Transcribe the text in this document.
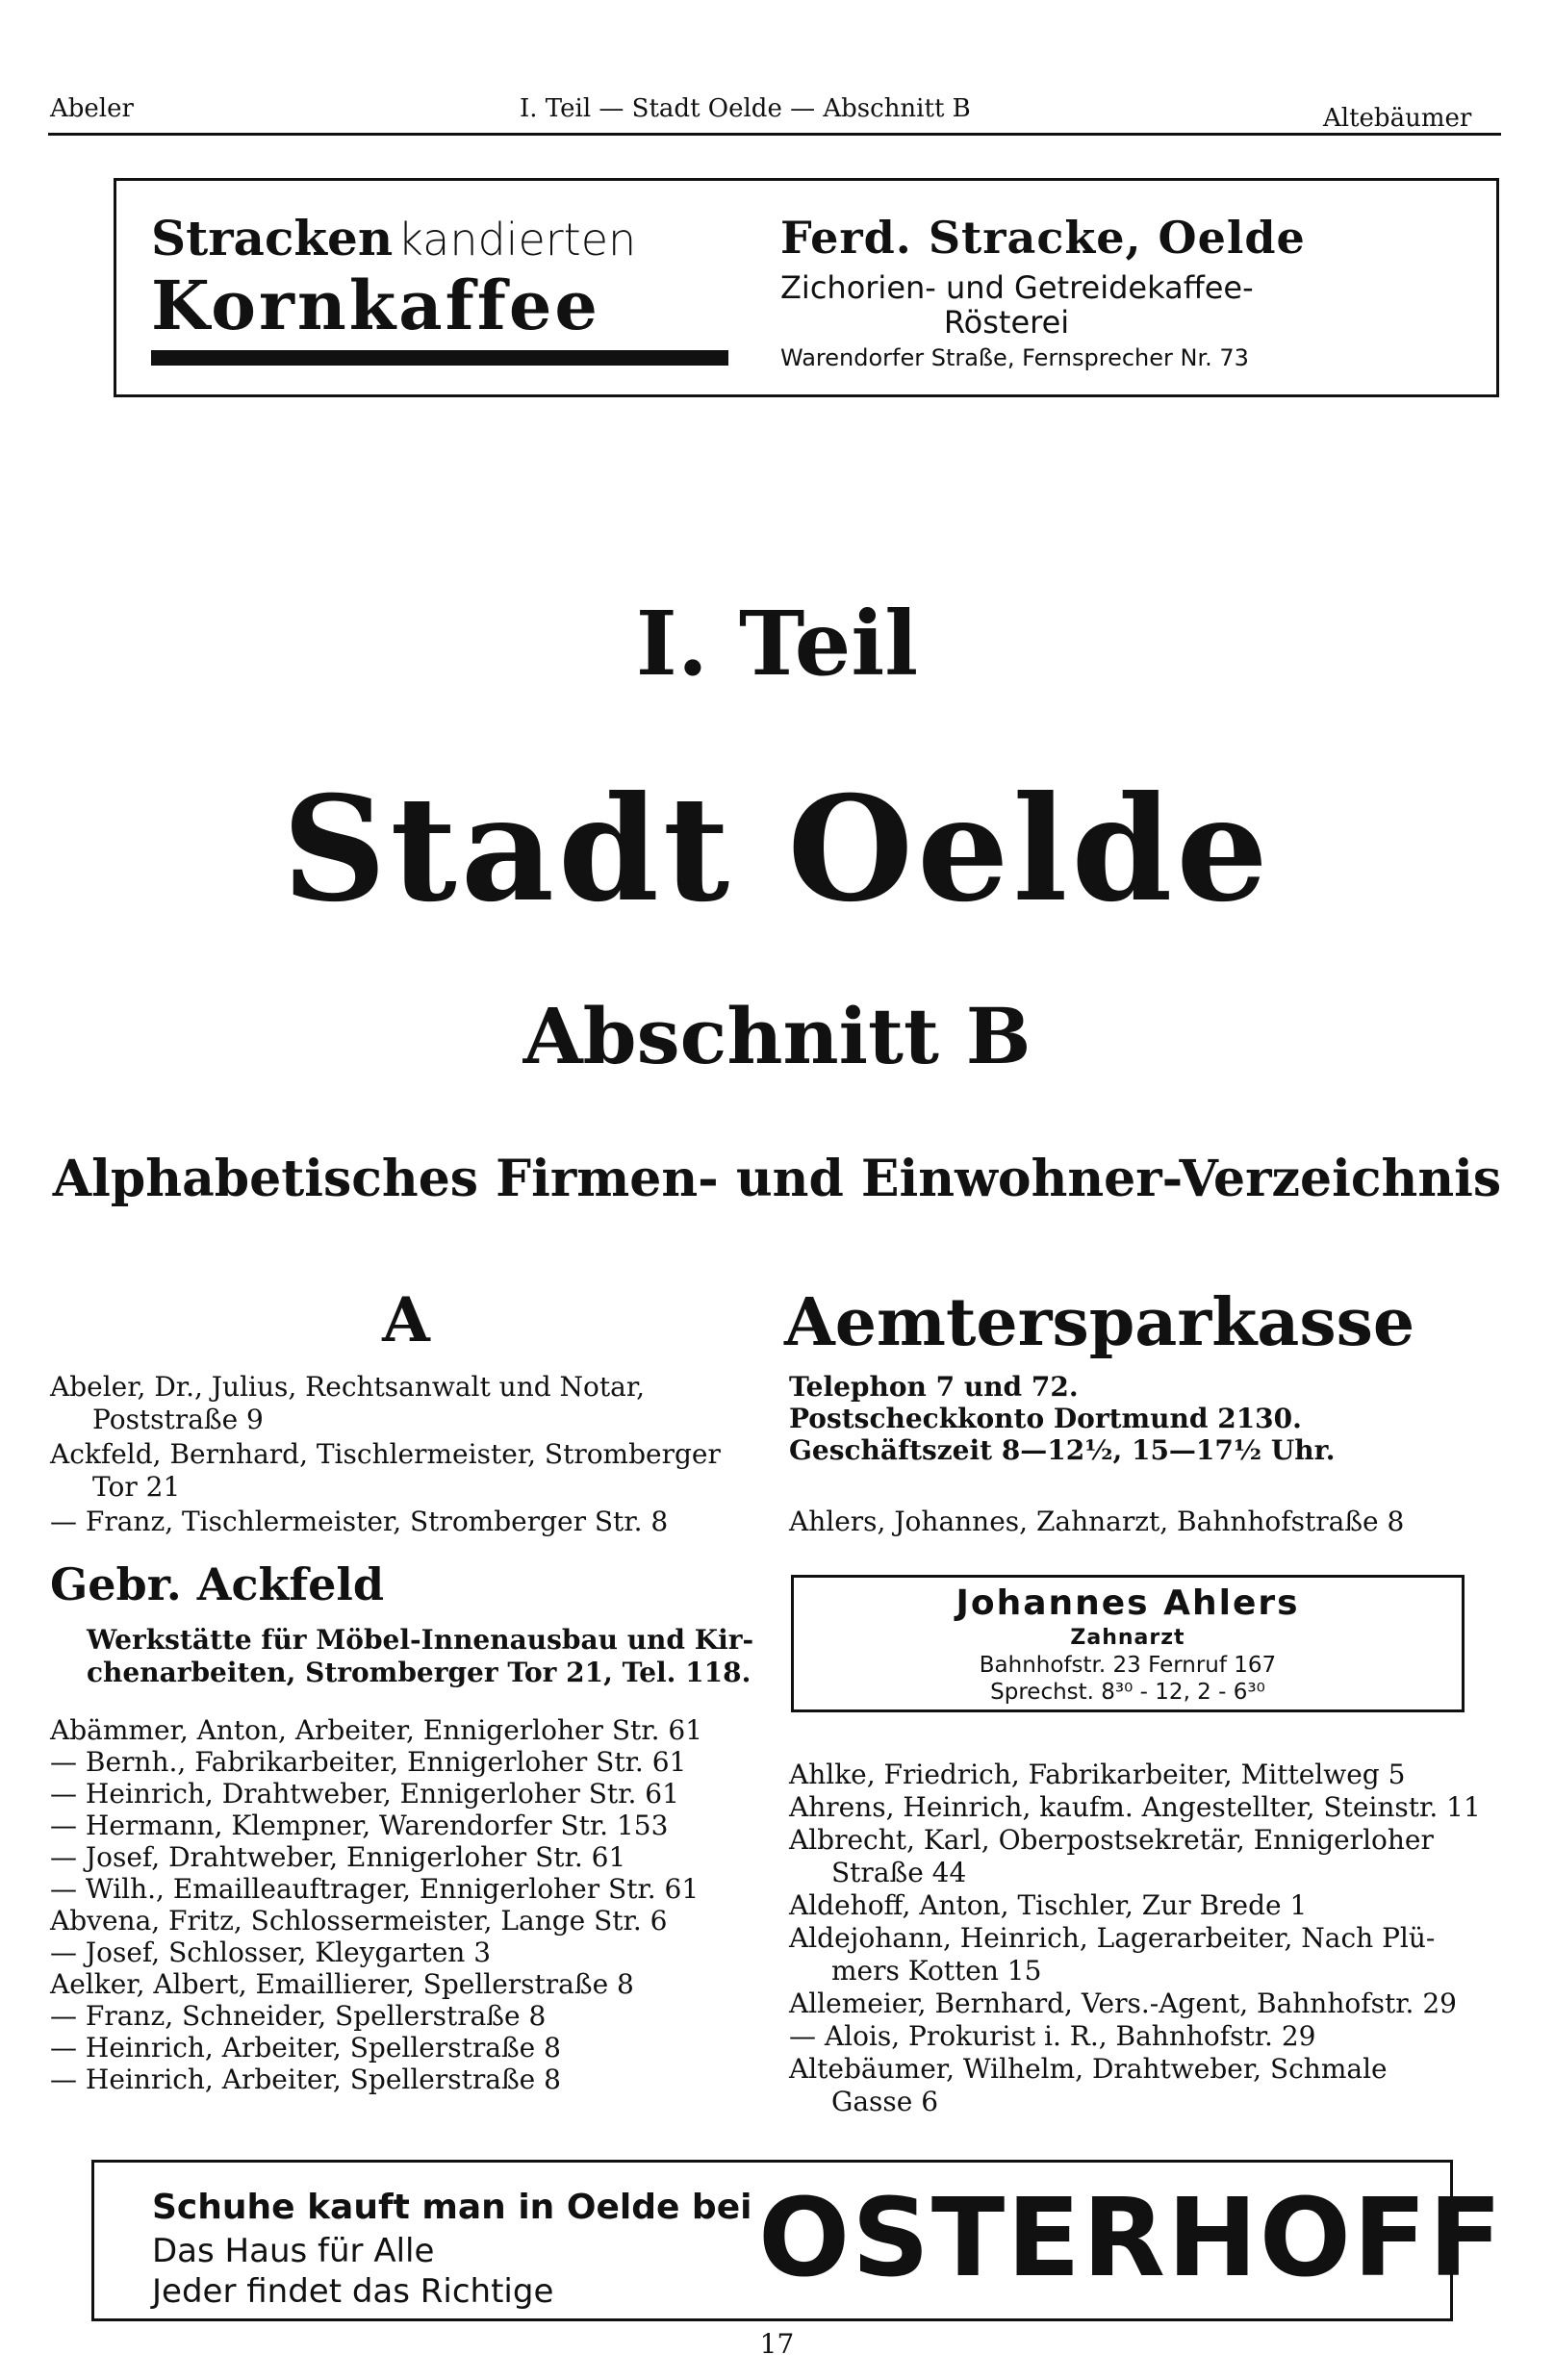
Abeler	I. Teil — Stadt Oelde — Abschnitt B	Altebäumer
Stracken kandierten
Kornkaffee
Ferd. Stracke, Oelde
Zichorien- und Getreidekaffee-
Rösterei
Warendorfer Straße, Fernsprecher Nr. 73
I. Teil
Stadt Oelde
Abschnitt B
Alphabetisches Firmen- und Einwohner-Verzeichnis
A
Abeler, Dr., Julius, Rechtsanwalt und Notar,
Poststraße 9
Ackfeld, Bernhard, Tischlermeister, Stromberger
Tor 21
— Franz, Tischlermeister, Stromberger Str. 8
Gebr. Ackfeld
Werkstätte für Möbel-Innenausbau und Kir-
chenarbeiten, Stromberger Tor 21, Tel. 118.
Abämmer, Anton, Arbeiter, Ennigerloher Str. 61
— Bernh., Fabrikarbeiter, Ennigerloher Str. 61
— Heinrich, Drahtweber, Ennigerloher Str. 61
— Hermann, Klempner, Warendorfer Str. 153
— Josef, Drahtweber, Ennigerloher Str. 61
— Wilh., Emailleauftrager, Ennigerloher Str. 61
Abvena, Fritz, Schlossermeister, Lange Str. 6
— Josef, Schlosser, Kleygarten 3
Aelker, Albert, Emaillierer, Spellerstraße 8
— Franz, Schneider, Spellerstraße 8
— Heinrich, Arbeiter, Spellerstraße 8
— Heinrich, Arbeiter, Spellerstraße 8
Aemtersparkasse
Telephon 7 und 72.
Postscheckkonto Dortmund 2130.
Geschäftszeit 8—12½, 15—17½ Uhr.
Ahlers, Johannes, Zahnarzt, Bahnhofstraße 8
Johannes Ahlers
Zahnarzt
Bahnhofstr. 23 Fernruf 167
Sprechst. 8³⁰ - 12, 2 - 6³⁰
Ahlke, Friedrich, Fabrikarbeiter, Mittelweg 5
Ahrens, Heinrich, kaufm. Angestellter, Steinstr. 11
Albrecht, Karl, Oberpostsekretär, Ennigerloher
Straße 44
Aldehoff, Anton, Tischler, Zur Brede 1
Aldejohann, Heinrich, Lagerarbeiter, Nach Plü-
mers Kotten 15
Allemeier, Bernhard, Vers.-Agent, Bahnhofstr. 29
— Alois, Prokurist i. R., Bahnhofstr. 29
Altebäumer, Wilhelm, Drahtweber, Schmale
Gasse 6
Schuhe kauft man in Oelde bei
Das Haus für Alle
Jeder findet das Richtige OSTERHOFF
17
